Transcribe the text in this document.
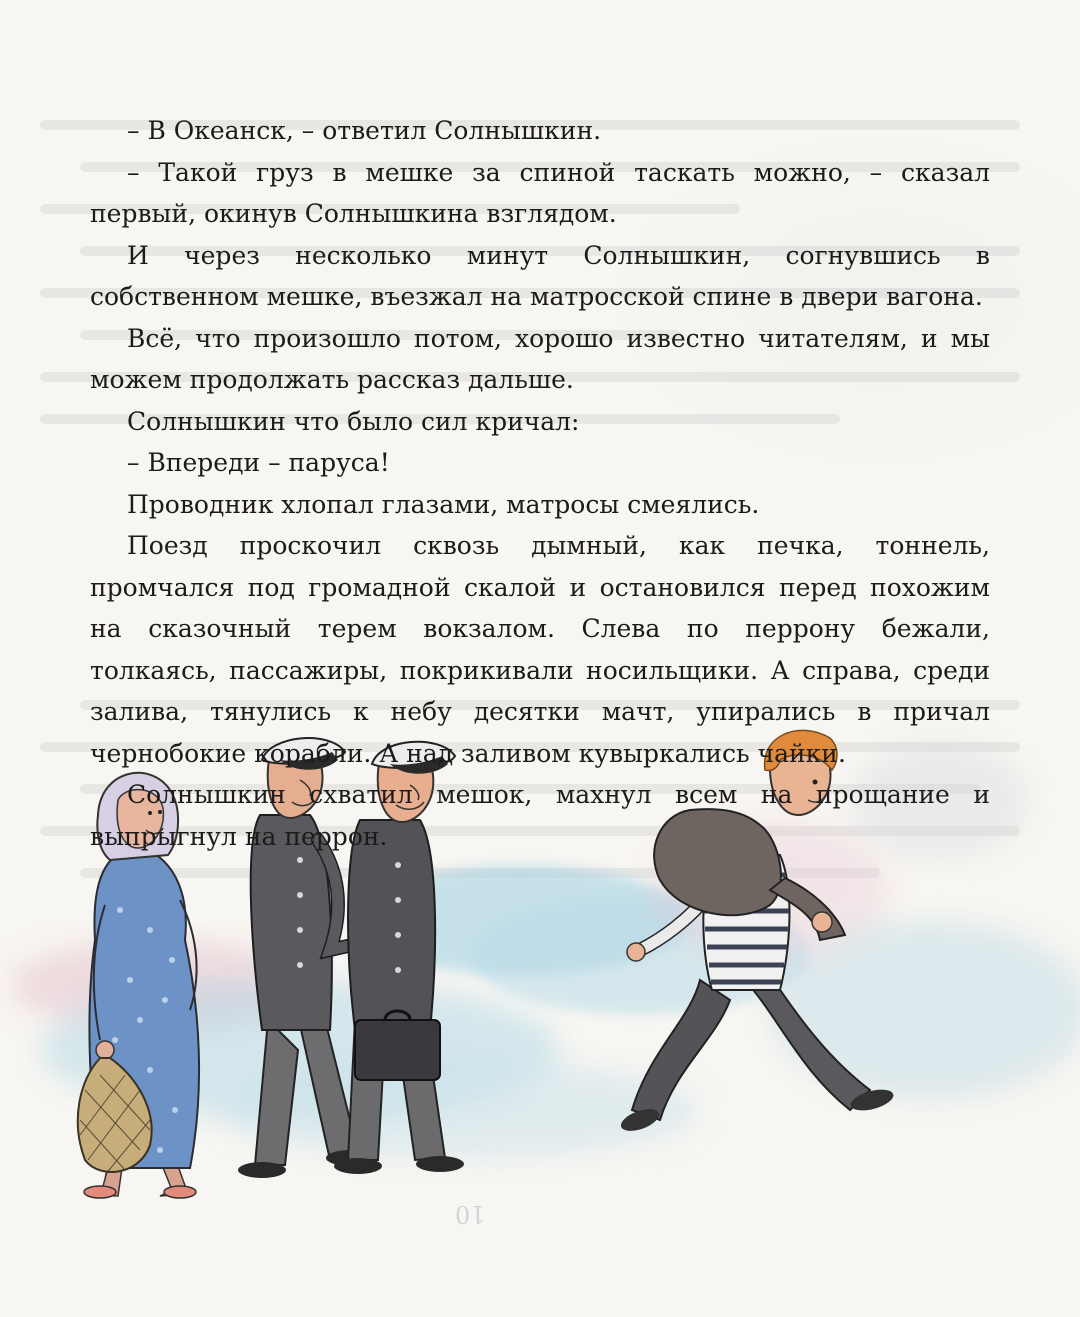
– В Океанск, – ответил Солнышкин.

– Такой груз в мешке за спиной таскать можно, – сказал первый, окинув Солнышкина взглядом.

И через несколько минут Солнышкин, согнувшись в собственном мешке, въезжал на матросской спине в двери вагона.

Всё, что произошло потом, хорошо известно читателям, и мы можем продолжать рассказ дальше.

Солнышкин что было сил кричал:

– Впереди – паруса!

Проводник хлопал глазами, матросы смеялись.

Поезд проскочил сквозь дымный, как печка, тоннель, промчался под громадной скалой и остановился перед похожим на сказочный терем вокзалом. Слева по перрону бежали, толкаясь, пассажиры, покрикивали носильщики. А справа, среди залива, тянулись к небу десятки мачт, упирались в причал чернобокие корабли. А над заливом кувыркались чайки.

Солнышкин схватил мешок, махнул всем на прощание и выпрыгнул на перрон.

10
